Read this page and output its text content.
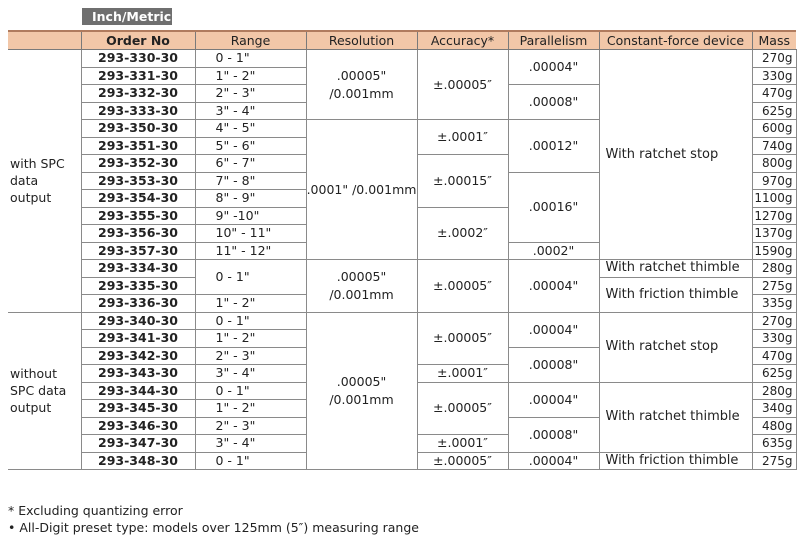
Inch/Metric
	Order No	Range	Resolution	Accuracy*	Parallelism	Constant-force device	Mass
with SPC data output	293-330-30	0 - 1"	.00005" /0.001mm	±.00005″	.00004"	With ratchet stop	270g
	293-331-30	1" - 2"					330g
	293-332-30	2" - 3"			.00008"		470g
	293-333-30	3" - 4"					625g
	293-350-30	4" - 5"	.0001" /0.001mm	±.0001″	.00012"		600g
	293-351-30	5" - 6"					740g
	293-352-30	6" - 7"		±.00015″			800g
	293-353-30	7" - 8"			.00016"		970g
	293-354-30	8" - 9"					1100g
	293-355-30	9" -10"		±.0002″			1270g
	293-356-30	10" - 11"					1370g
	293-357-30	11" - 12"			.0002"		1590g
	293-334-30	0 - 1"	.00005" /0.001mm	±.00005″	.00004"	With ratchet thimble	280g
	293-335-30					With friction thimble	275g
	293-336-30	1" - 2"					335g
without SPC data output	293-340-30	0 - 1"	.00005" /0.001mm	±.00005″	.00004"	With ratchet stop	270g
	293-341-30	1" - 2"					330g
	293-342-30	2" - 3"			.00008"		470g
	293-343-30	3" - 4"		±.0001″			625g
	293-344-30	0 - 1"		±.00005″	.00004"	With ratchet thimble	280g
	293-345-30	1" - 2"					340g
	293-346-30	2" - 3"			.00008"		480g
	293-347-30	3" - 4"		±.0001″			635g
	293-348-30	0 - 1"		±.00005″	.00004"	With friction thimble	275g
* Excluding quantizing error
• All-Digit preset type: models over 125mm (5″) measuring range
